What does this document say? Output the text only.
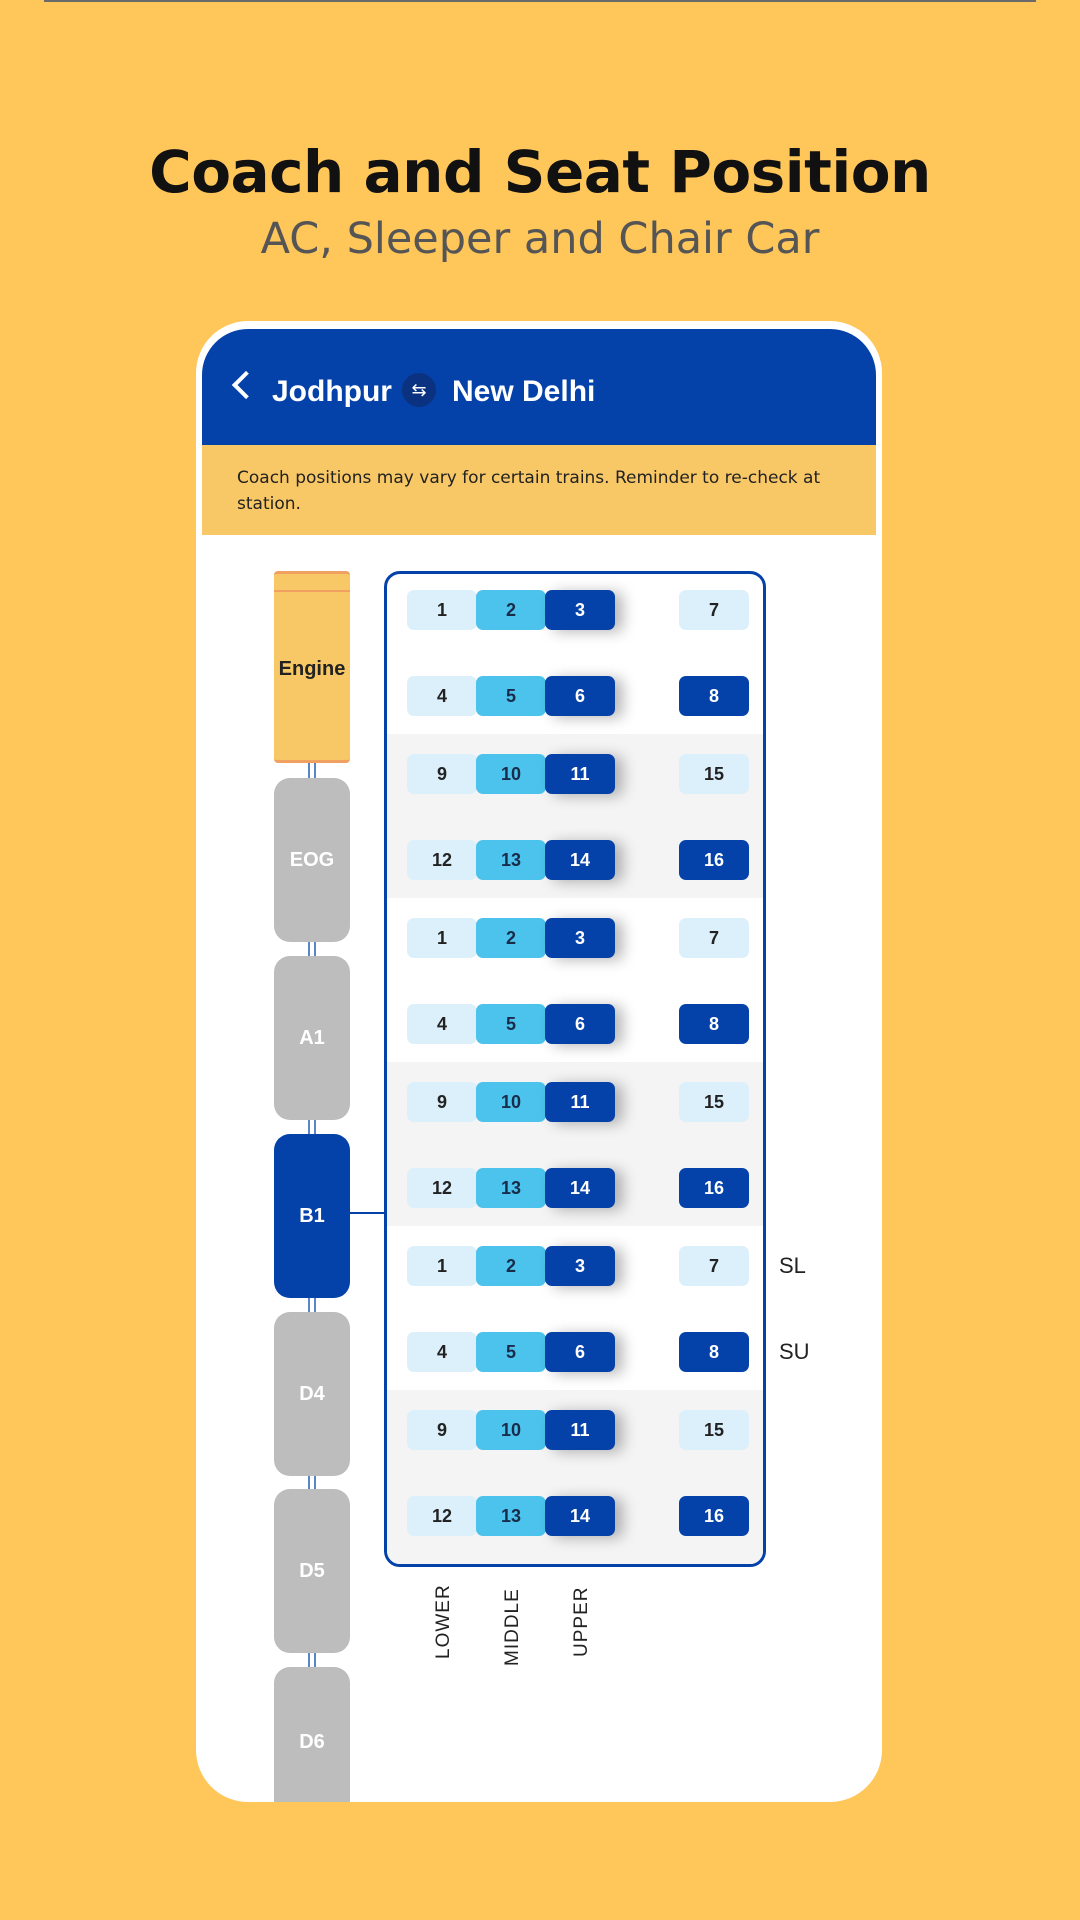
Coach and Seat Position
AC, Sleeper and Chair Car
Jodhpur	⇆ New Delhi
Coach positions may vary for certain trains. Reminder to re-check at station.
Engine
EOG
A1
B1
D4
D5
D6
1	2	3	7
4	5	6	8
9	10	11	15
12	13	14	16
1	2	3	7
4	5	6	8
9	10	11	15
12	13	14	16
1	2	3	7
4	5	6	8
9	10	11	15
12	13	14	16
SL
SU
LOWER	MIDDLE	UPPER
